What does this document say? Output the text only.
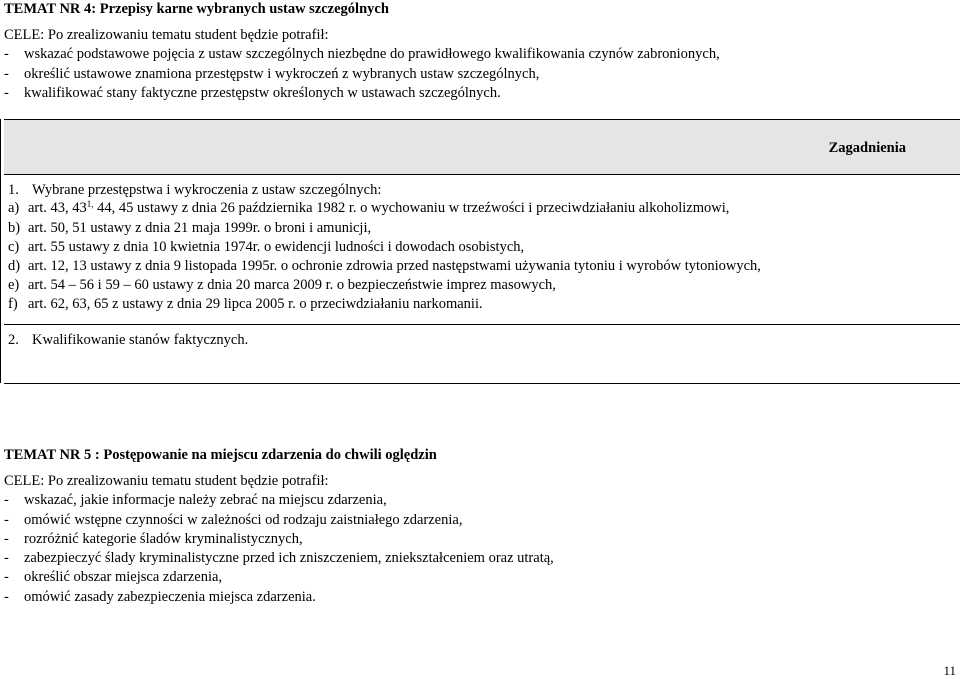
TEMAT NR 4: Przepisy karne wybranych ustaw szczególnych
CELE: Po zrealizowaniu tematu student będzie potrafił:
- wskazać podstawowe pojęcia z ustaw szczególnych niezbędne do prawidłowego kwalifikowania czynów zabronionych,
- określić ustawowe znamiona przestępstw i wykroczeń z wybranych ustaw szczególnych,
- kwalifikować stany faktyczne przestępstw określonych w ustawach szczególnych.
Zagadnienia
1. Wybrane przestępstwa i wykroczenia z ustaw szczególnych:
a) art. 43, $43^{1,}$ 44, 45 ustawy z dnia 26 października 1982 r. o wychowaniu w trzeźwości i przeciwdziałaniu alkoholizmowi,
b) art. 50, 51 ustawy z dnia 21 maja 1999r. o broni i amunicji,
c) art. 55 ustawy z dnia 10 kwietnia 1974r. o ewidencji ludności i dowodach osobistych,
d) art. 12, 13 ustawy z dnia 9 listopada 1995r. o ochronie zdrowia przed następstwami używania tytoniu i wyrobów tytoniowych,
e) art. 54 – 56 i 59 – 60 ustawy z dnia 20 marca 2009 r. o bezpieczeństwie imprez masowych,
f) art. 62, 63, 65 z ustawy z dnia 29 lipca 2005 r. o przeciwdziałaniu narkomanii.
2. Kwalifikowanie stanów faktycznych.
TEMAT NR 5 : Postępowanie na miejscu zdarzenia do chwili oględzin
CELE: Po zrealizowaniu tematu student będzie potrafił:
- wskazać, jakie informacje należy zebrać na miejscu zdarzenia,
- omówić wstępne czynności w zależności od rodzaju zaistniałego zdarzenia,
- rozróżnić kategorie śladów kryminalistycznych,
- zabezpieczyć ślady kryminalistyczne przed ich zniszczeniem, zniekształceniem oraz utratą,
- określić obszar miejsca zdarzenia,
- omówić zasady zabezpieczenia miejsca zdarzenia.
11
